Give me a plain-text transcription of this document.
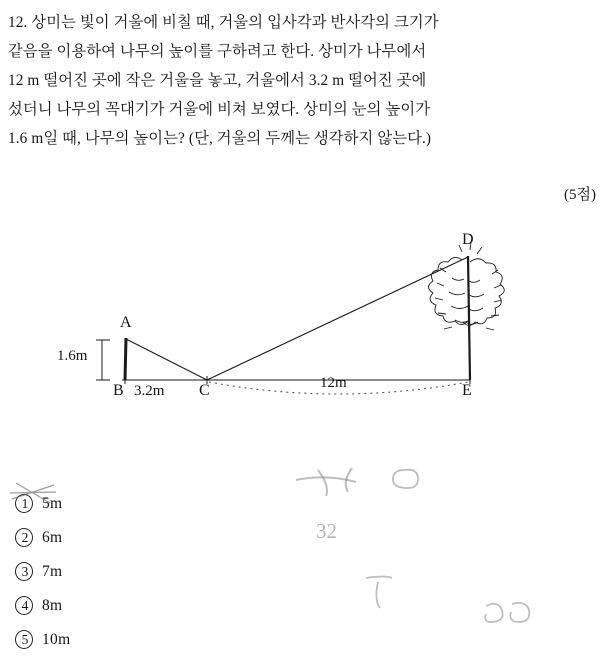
12. 상미는 빛이 거울에 비칠 때, 거울의 입사각과 반사각의 크기가
같음을 이용하여 나무의 높이를 구하려고 한다. 상미가 나무에서
12 m 떨어진 곳에 작은 거울을 놓고, 거울에서 3.2 m 떨어진 곳에
섰더니 나무의 꼭대기가 거울에 비쳐 보였다. 상미의 눈의 높이가
1.6 m일 때, 나무의 높이는? (단, 거울의 두께는 생각하지 않는다.)
(5점)
A
B	C
D
E
1.6m
3.2m	12m
1 5m
2 6m
3 7m
4 8m
5 10m
32
